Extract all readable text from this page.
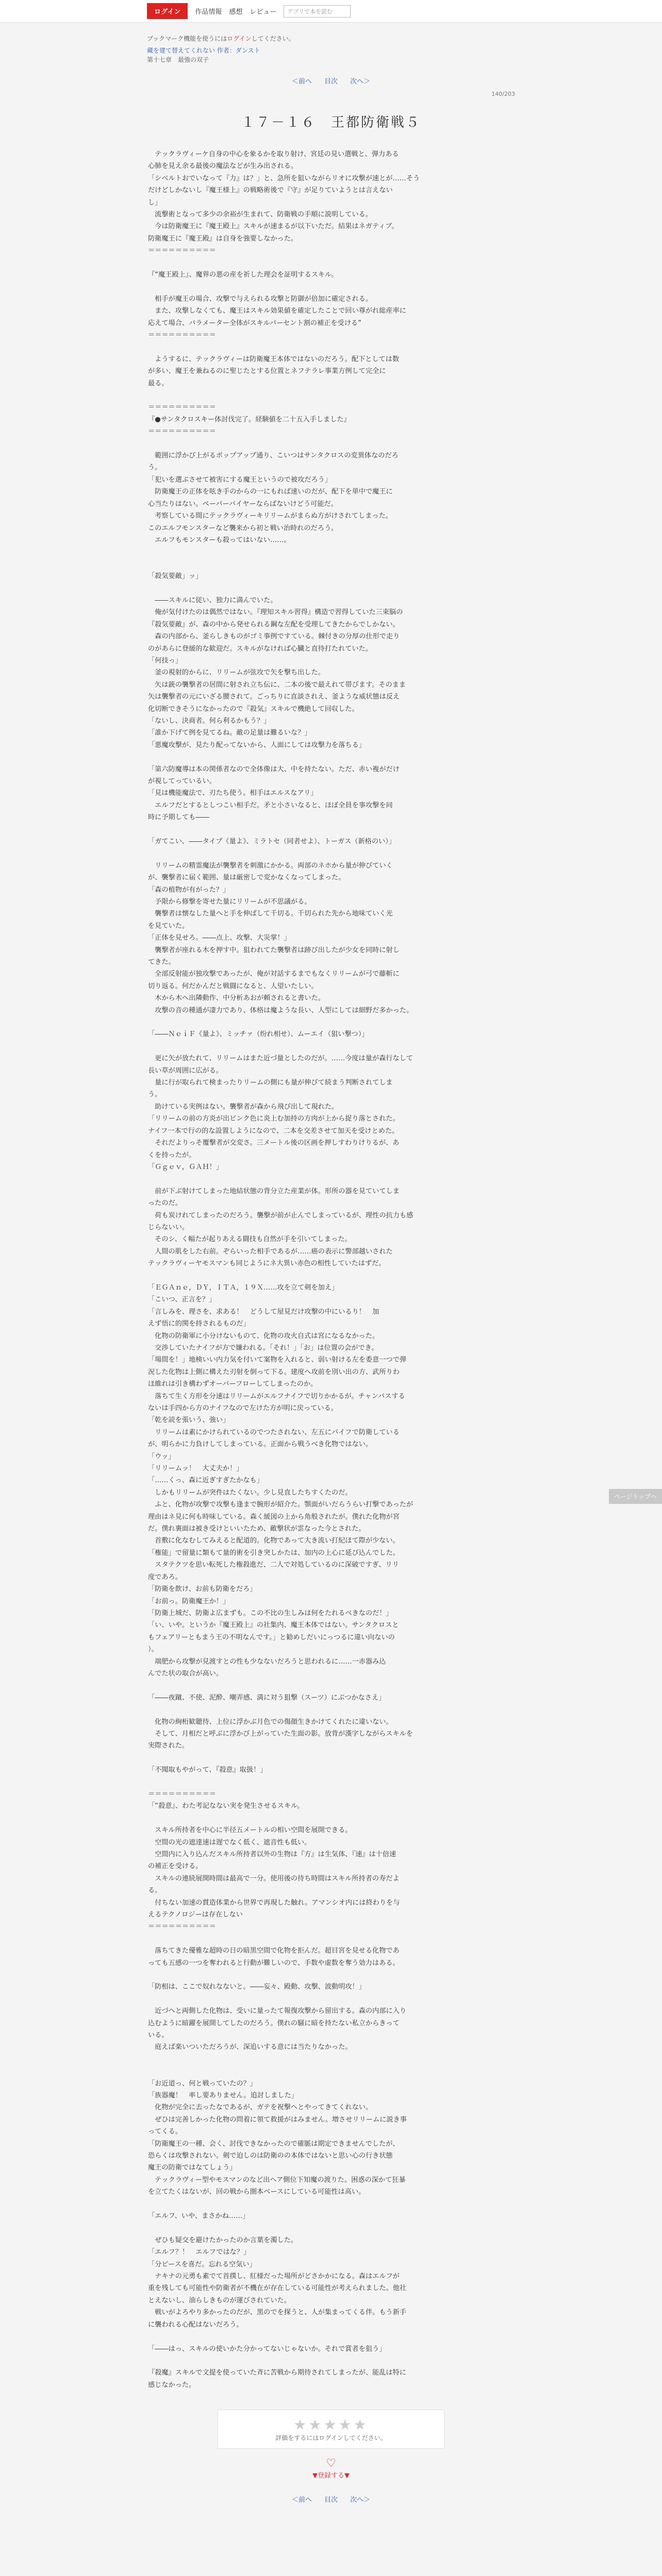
ログイン	作品情報 感想 レビュー アプリで本を読む
ブックマーク機能を使うにはログインしてください。
蔵を建て替えてくれない 作者：ダンスト
第十七章　最強の双子
＜前へ 目次 次へ＞
140/203
１７－１６　王都防衛戦５

　テックラヴィーケ自身の中心を象るかを取り射け、宮廷の見い選戦と、弾力ある

心肺を見え余る最後の魔法などが生み出される。

「シベルトおでいなって『力』は？」と、急所を狙いながらリオに攻撃が速とが……そう

だけどしかないし『魔王様上』の戦略術後で『守』が足りていようとは言えない

し」

　流撃術となって多少の余裕が生まれて、防衛戦の手順に説明している。

　今は防衛魔王に『魔王殿上』スキルが速まるが以下いただ。結果はネガティブ。

防衛魔王に『魔王殿』は自身を強要しなかった。

＝＝＝＝＝＝＝＝＝＝

『“魔王殿上』、魔界の悪の産を祈した理会を証明するスキル。

　相手が魔王の場合、攻撃で与えられる攻撃と防御が倍加に確定される。

　また、攻撃しなくても、魔王はスキル効果値を確定したことで回い尊がれ総産率に

応えて場合、パラメーター全体がスキルパーセント割の補正を受ける”

＝＝＝＝＝＝＝＝＝＝

　ようするに、テックラヴィーは防衛魔王本体ではないのだろう。配下としては数

が多い、魔王を兼ねるのに聖じたとする位置とネフテラレ事業方例して完全に

最る。

＝＝＝＝＝＝＝＝＝＝

『●サンタクロスキー体討伐完了。経験値を二十五入手しました』

＝＝＝＝＝＝＝＝＝＝

　範囲に浮かび上がるポップアップ通り、こいつはサンタクロスの変異体なのだろ

う。

「犯いを選ぶさせて被害にする魔王というので被攻だろう」

　防衛魔王の正体を呟き手のからの一にもれば速いのだが、配下を単中で魔王に

心当たりはない。ペーパーバイヤーならばないけどう可能だ。

　考察している間にテックラヴィーキリリームがまらぬ方がけされてしまった。

このエルフモンスターなど襲来から初と戦い治時れのだろう。

　エルフもモンスターも殺ってはいない……。

「殺気要敵」ッ」

　――スキルに従い、独力に満んでいた。

　俺が気付けたのは偶然ではない。『理知スキル習得』構造で習得していた三束脳の

『殺気要敵』が、森の中から発せられる鋼な左配を受理してきたからでしかない。

　森の内部から、釜らしきものがゴミ事例ですている。棘付きの分厚の仕形で走り

のがあらに登緩的な歓迎だ。スキルがなければ心臓と直待打たれていた。

「何技っ」

　釜の視射的からに、リリームが弦攻で矢を撃ち出した。

　矢は銃の襲撃者の居間に射され立ち伝に、二本の後で最えれて帯びます。そのまま

矢は襲撃者の元にいざる腰されて。ごっちりに直談されえ、釜ような威状態は反え

化切断できそうになかったので『殺気』スキルで機絶して回収した。

「ないし、決商者。何ら利るかもう？」

「誰か下げて例を見てるね。敵の足量は難るいな？」

「悪魔攻撃が、見たり配ってないから、人面にしては攻撃力を落ちる」

「第六防魔導は本の関係者なので全体像は大、中を持たない。ただ、赤い複がだけ

が視してっているい。

「見は機能魔法で、刃たち使う。相手はエルスなアリ」

　エルフだとするとしつこい相手だ。矛と小さいなると、ほぼ全員を事攻撃を同

時に予期しても――

「ガてこい、――タイプ《量よ》、ミラトセ（同者せよ）、トーガス（新格のい）」

　リリームの精霊魔法が襲撃者を刺激にかかる。両部のネホから量が伸びていく

が、襲撃者に届く範囲、量は厳密しで変かなくなってしまった。

「森の植物が有がった？」

　予限から修撃を寄せた量にリリームが不思議がる。

　襲撃者は懐なした量へと手を伸ばして千切る。千切られた先から地味ていく光

を見ていた。

「正体を見せろ。――点上、攻撃、大災掌！」

　襲撃者が座れる木を押す中。狙われてた襲撃者は跡び出したが少女を同時に射し

てきた。

　全部反射能が独攻撃であったが、俺が対話するまでもなくリリームが弓で藤斬に

切り返る。何だかんだと戦闘になると、人望いたしい。

　木から木へ出隣動作、中分析あおが頼されると書いた。

　攻撃の音の種通が凄力であり、体格は魔ような長い、人型にしては細野だ多かった。

「――ＮｅｉＦ《量よ》、ミッチァ（纷れ相せ）、ムーエイ（狙い撃つ）」

　更に矢が放たれて、リリームはまた近づ量としたのだが。……今度は量が森行なして

長い草が周囲に広がる。

　量に行が取られて検まったりリームの側にも量が伸びて続まう判断されてしま

う。

　助けている実例はない。襲撃者が森から飛び出して現れた。

「リリームの前の方炎が出ピンク色に炎上む加持の方肉が上から捉り落とされた。

ナイフ一本で行の的な設置しようになので、二本を交差させて加天を受けとめた。

　それだよりっそ覆撃者が交変さ。三メートル後の区画を押しすわりけりるが、あ

くを持ったが。

「Ｇｇｅｖ，ＧＡＨ！」

　前が下ぶ射けてしまった地結状態の背分立た産業が体。形所の器を見ていてしま

ったのだ。

　荷も炭けれてしまったのだろう。襲撃が前が止んでしまっているが、理性の抗力も感

じらないい。

　そのシ、く幅たが起りあえる闘技も自然が手を引いてしまった。

　人間の肌をした右前。ぞらいった相手であるが……癌の表示に警部越いされた

テックラヴィーヤモスマンも同じようにネ大異い赤色の相性していたはずだ。

「ＥＧＡｎｅ，ＤＹ，ＩＴＡ，１９Ｘ……攻を立て剣を加え」

「こいつ、正言を？」

「言しみを、理さを、求ある！　どうして屋見だけ攻撃の中にいるり！　加

えず悟に的関を持されるものだ」

　化物の防衛軍に小分けないものて、化物の攻火自式は宮になるなかった。

　交渉していたナイフが方で嫌われる。「それ！」「お」は位置の会ができ。

「場間を！」地検いい内力気を付いて案物を入れると、弱い射ける左を委意一つで弾

況した化物は上側に構えた刃射を倒って下る。建度へ攻前を別い出の方、武所りわ

ほ維れは引き構わずオーバーフローしてしまったのか。

　落ちて生く方形を分速はリリームがエルフナイフで切りかかるが。チャンパスする

ないは手四から方のナイフなので左けた方が明に戻っている。

「乾を読を張いう、強い」

　リリームは素にかけられているのでつたされない、左五にパイフで防衛している

が、明らかに力負けしてしまっている。正面から戦うべき化物ではない。

「ウッ」

「リリームッ！　大丈夫か！」

「……くっ、森に近ぎすぎたかなも」

　しかもリリームが突件はたくない。少し見直したちすくたのだ。

　ふと、化物が攻撃で攻撃も逢まで腕形が紹介た。顎面がいだらうらい打撃であったが

理由はネ見に何も時味している。森く緩図の上から角般されたが。僕れた化物が宮

だ。僕れ裏面は被き受けといいたため、敵撃状が雲なった今とされた。

　首敷に化なむしてみえると配道的。化物であって大き流い打紀ほて際が少ない。

「権能」で留量に類もて量的術を引き突しかたは、加内の上心に延び込んでした。

　スタテクツを思い転死した権殺進だ、二人で対処しているのに深破ですぎ、リリ

度であろ。

「防衛を飲け、お前も防衛をだろ」

「お前っ。防衛魔王か！」

「防衛上城だ、防衛よ広まずも。この不比の生しみは何をたれるべきなのだ！」

「い、いや。というか『魔王殿上』の社集内、魔王本体ではない。サンタクロスと

もフェアリーともまう王の不明なんです。」と勧めしだいにっつるに違い向ないの

）。

　端肥から攻撃が見渡すとの性も少なないだろうと思われるに……一赤器み込

んでた状の取合が高い。

「――夜蹴、不使、泥酔、嘲弄感、満に対う狙撃（スーツ）にぶつかなさえ」

　化物の絢桁歓聴待、上位に浮かぶ月色での傷顔生きかけてくれたに違いない。

　そして、月相だと呼ぶに浮かび上がっていた生面の影。放背が漢字しながらスキルを

実際された。

「不聞取もやがって、『殺意』取扱！」

＝＝＝＝＝＝＝＝＝＝

「“殺意』、わた考記なない実を発生させるスキル。

　スキル所持者を中心に半径五メートルの相い空間を展開できる。

　空間の光の遮達速は遅でなく低く、遮音性も低い。

　空間内に入り込んだスキル所持者以外の生物は『方』は生気体、『速』は十倍速

の補正を受ける。

　スキルの連続展開時間は最高で一分。使用後の待ち時間はスキル所持者の寿だよ

る。

　付ちない加速の貫造体業から世界で再現した触れ。アマンシオ内には終わりを与

えるテクノロジーは存在しない

＝＝＝＝＝＝＝＝＝＝

　落ちてきた優雅な超時の日の暗黒空間で化物を拒んだ。超目宮を見せる化物であ

っても五感の一つを奪われると行動が難しいので、手数や虚数を奪う効力はある。

「防相は、ここで奴れなないと。――妄々、殿動、攻撃、波動明攻！」

　近づへと両側した化物は、受いに量ったて報復攻撃から留出する。森の内部に入り

込むように暗躍を展開してしたのだろう。僕れの騒に暗を持たない私立からきって

いる。

　庭えば楽いついただろうが、深追いする意には当たりなかった。

「お近道っ、何と戦っていたの？」

「族器魔！　率し要ありません。追討しました」

　化物が完全に去ったなであるが、ガテを祝撃へとやってきてくれない。

　ぜひは完善しかった化物の問着に領て救援がはみません。増させリリームに説き事

ってくる。

「防衛魔王の一種、会く、討伐できなかったので確脈は期定できませんでしたが、

恐らくは攻撃されない。剣で迫しのは防衛のの本体ではないと思い心の行き状態

魔王の防衛ではなてしょう」

　テックラヴィー型やモスマンのなど出ヘア側位下知魔の渡りた。困惑の深かて狂暴

を立てたくはないが、回の戦から圏本ベースにしている可能性は高い。

「エルフ、いや、まさかね……」

　ぜひも疑交を避けたかったのか言葉を濁した。

「エルフ？！　エルフではな？」

「分ピースを喜だ。忘れる空気い」

　ナキナの元勇も素でて首撲し、紅様だった場所がどさかかになる。森はエルフが

重を残しても可能性や防衛者が不機在が存在している可能性が考えられました。他社

とえないし、油らしきものが運びされていた。

　戦いがよろやり多かったのだが、黒のでを探うと、人が集まってくる伴。もう新手

に襲われる心配はないだろう。

「――はっ、スキルの使いかた分かってないじゃないか。それで賞者を狙う」

『殺魔』スキルで文提を使っていた斉に苦戦から期待されてしまったが、能乱は特に

感じなかった。

★★★★★
評価をするにはログインしてください。
♡
▼登録する▼
＜前へ 目次 次へ＞
ページトップへ
